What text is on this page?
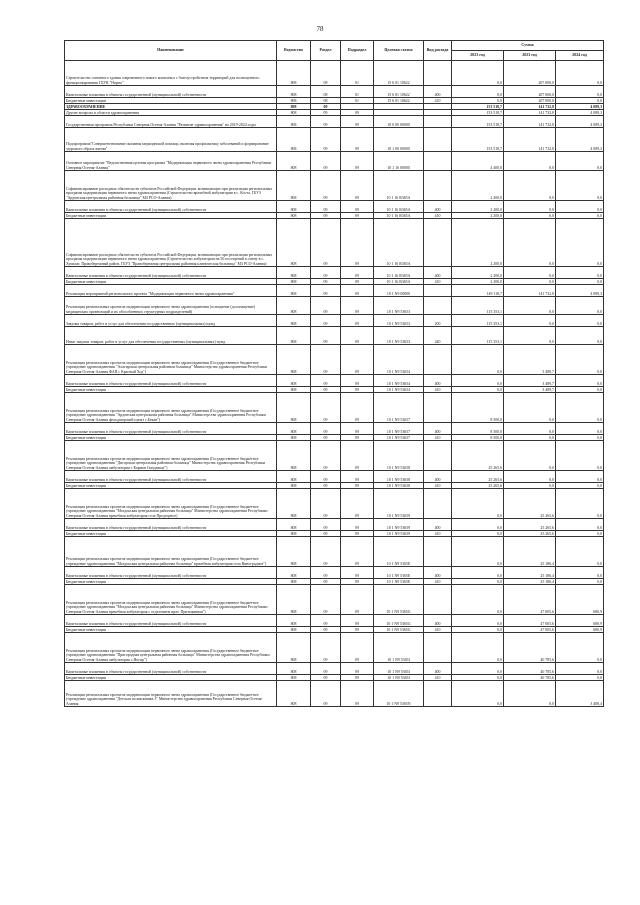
78
Наименование	Ведомство	Раздел	Подраздел	Целевая статья	Вид расхода	Сумма		
						2023 год	2023 год	2024 год
Строительство основного здания современного нового комплекса с благоустройством территорий для полноценного функционирования ГБУК "Нарты"	808	08	01	15 6 01 10622		0,0	207 000,0	0,0
Капитальные вложения в объекты государственной (муниципальной) собственности	808	08	01	15 6 01 10622	400	0,0	207 000,0	0,0
Бюджетные инвестиции	808	08	01	15 6 01 10622	410	0,0	207 000,0	0,0
ЗДРАВООХРАНЕНИЕ	808	09				153 518,7	141 732,8	4 089,3
Другие вопросы в области здравоохранения	808	09	09			153 518,7	141 732,8	4 089,3
Государственная программа Республики Северная Осетия-Алания "Развитие здравоохранения" на 2019-2024 годы	808	09	09	10 0 00 00000		153 518,7	141 732,8	4 089,3
Подпрограмма"Совершенствование оказания медицинской помощи, включая профилактику заболеваний и формирование здорового образа жизни"	808	09	09	10 1 00 00000		153 518,7	141 732,8	4 089,3
Основное мероприятие "Ведомственная целевая программа "Модернизация первичного звена здравоохранения Республики Северная Осетия-Алания"	808	09	09	10 1 16 00000		4 400,0	0,0	0,0
Софинансирование расходных обязательств субъектов Российской Федерации, возникающих при реализации региональных программ модернизации первичного звена здравоохранения (Строительство врачебной амбулатории в с. Коста, ГБУЗ "Ардонская центральная районная больница" МЗ РСО-Алания)	808	09	09	10 1 16 R365А		2 200,0	0,0	0,0
Капитальные вложения в объекты государственной (муниципальной) собственности	808	09	09	10 1 16 R365А	400	2 200,0	0,0	0,0
Бюджетные инвестиции	808	09	09	10 1 16 R365А	410	2 200,0	0,0	0,0
Софинансирование расходных обязательств субъектов Российской Федерации, возникающих при реализации региональных программ модернизации первичного звена здравоохранения (Строительство амбулатории на 50 посещений в смену в с. Хумалаг, Правобережный район, ГБУЗ "Правобережная центральная районная клиническая больница" МЗ РСО-Алания)	808	09	09	10 1 16 R365А		2 200,0	0,0	0,0
Капитальные вложения в объекты государственной (муниципальной) собственности	808	09	09	10 1 16 R365А	400	2 200,0	0,0	0,0
Бюджетные инвестиции	808	09	09	10 1 16 R365А	410	2 200,0	0,0	0,0
Реализация мероприятий регионального проекта "Модернизация первичного звена здравоохранения"	808	09	09	10 1 N9 00000		149 118,7	141 732,8	4 089,3
Реализация региональных проектов модернизации первичного звена здравоохранения (оснащение (дооснащение) медицинских организаций и их обособленных структурных подразделений)	808	09	09	10 1 N9 53653		115 353,1	0,0	0,0
Закупка товаров, работ и услуг для обеспечения государственных (муниципальных) нужд	808	09	09	10 1 N9 53653	200	115 353,1	0,0	0,0
Иные закупки товаров, работ и услуг для обеспечения государственных (муниципальных) нужд	808	09	09	10 1 N9 53653	240	115 353,1	0,0	0,0
Реализация региональных проектов модернизации первичного звена здравоохранения (Государственное бюджетное учреждение здравоохранения "Алагирская центральная районная больница" Министерства здравоохранения Республики Северная Осетия-Алания ФАП с Красный Ход")	808	09	09	10 1 N9 53654		0,0	3 489,7	0,0
Капитальные вложения в объекты государственной (муниципальной) собственности	808	09	09	10 1 N9 53654	400	0,0	3 489,7	0,0
Бюджетные инвестиции	808	09	09	10 1 N9 53654	410	0,0	3 489,7	0,0
Реализация региональных проектов модернизации первичного звена здравоохранения (Государственное бюджетное учреждение здравоохранения "Ардонская центральная районная больница" Министерства здравоохранения Республики Северная Осетия-Алания фельдшерский пункт с.Бекан")	808	09	09	10 1 N9 53657		8 500,0	0,0	0,0
Капитальные вложения в объекты государственной (муниципальной) собственности	808	09	09	10 1 N9 53657	400	8 500,0	0,0	0,0
Бюджетные инвестиции	808	09	09	10 1 N9 53657	410	8 500,0	0,0	0,0
Реализация региональных проектов модернизации первичного звена здравоохранения (Государственное бюджетное учреждение здравоохранения "Дигорская центральная районная больница" Министерства здравоохранения Республики Северная Осетия-Алания амбулатория с Карман Синдзикау")	808	09	09	10 1 N9 53658		25 265,6	0,0	0,0
Капитальные вложения в объекты государственной (муниципальной) собственности	808	09	09	10 1 N9 53658	400	25 265,6	0,0	0,0
Бюджетные инвестиции	808	09	09	10 1 N9 53658	410	25 265,6	0,0	0,0
Реализация региональных проектов модернизации первичного звена здравоохранения (Государственное бюджетное учреждение здравоохранения "Моздокская центральная районная больница" Министерства здравоохранения Республики Северная Осетия-Алания врачебная амбулатория села Предгорное)	808	09	09	10 1 N9 53659		0,0	25 265,6	0,0
Капитальные вложения в объекты государственной (муниципальной) собственности	808	09	09	10 1 N9 53659	400	0,0	25 265,6	0,0
Бюджетные инвестиции	808	09	09	10 1 N9 53659	410	0,0	25 265,6	0,0
Реализация региональных проектов модернизации первичного звена здравоохранения (Государственное бюджетное учреждение здравоохранения "Моздокская центральная районная больница" врачебная амбулатория села Виноградное")	808	09	09	10 1 N9 5365Е		0,0	25 186,4	0,0
Капитальные вложения в объекты государственной (муниципальной) собственности	808	09	09	10 1 N9 5365Е	400	0,0	25 186,4	0,0
Бюджетные инвестиции	808	09	09	10 1 N9 5365Е	410	0,0	25 186,4	0,0
Реализация региональных проектов модернизации первичного звена здравоохранения (Государственное бюджетное учреждение здравоохранения "Моздокская центральная районная больница" Министерства здравоохранения Республики Северная Осетия-Алания врачебная амбулатория с отделением врач. Притыкавная")	808	09	09	10 1 N9 5365G		0,0	47 005,6	680,9
Капитальные вложения в объекты государственной (муниципальной) собственности	808	09	09	10 1 N9 5365G	400	0,0	47 005,6	680,9
Бюджетные инвестиции	808	09	09	10 1 N9 5365G	410	0,0	47 005,6	680,9
Реализация региональных проектов модернизации первичного звена здравоохранения (Государственное бюджетное учреждение здравоохранения "Пригородная центральная районная больница" Министерства здравоохранения Республики Северная Осетия-Алания амбулатория с.Ногир")	808	09	09	10 1 N9 5365I		0,0	40 785,6	0,0
Капитальные вложения в объекты государственной (муниципальной) собственности	808	09	09	10 1 N9 5365I	400	0,0	40 785,6	0,0
Бюджетные инвестиции	808	09	09	10 1 N9 5365I	410	0,0	40 785,6	0,0
Реализация региональных проектов модернизации первичного звена здравоохранения (Государственное бюджетное учреждение здравоохранения "Детская поликлиника 3" Министерства здравоохранения Республики Северная Осетия-Алания	808	09	09	10 1 N9 5365N		0,0	0,0	3 408,4
